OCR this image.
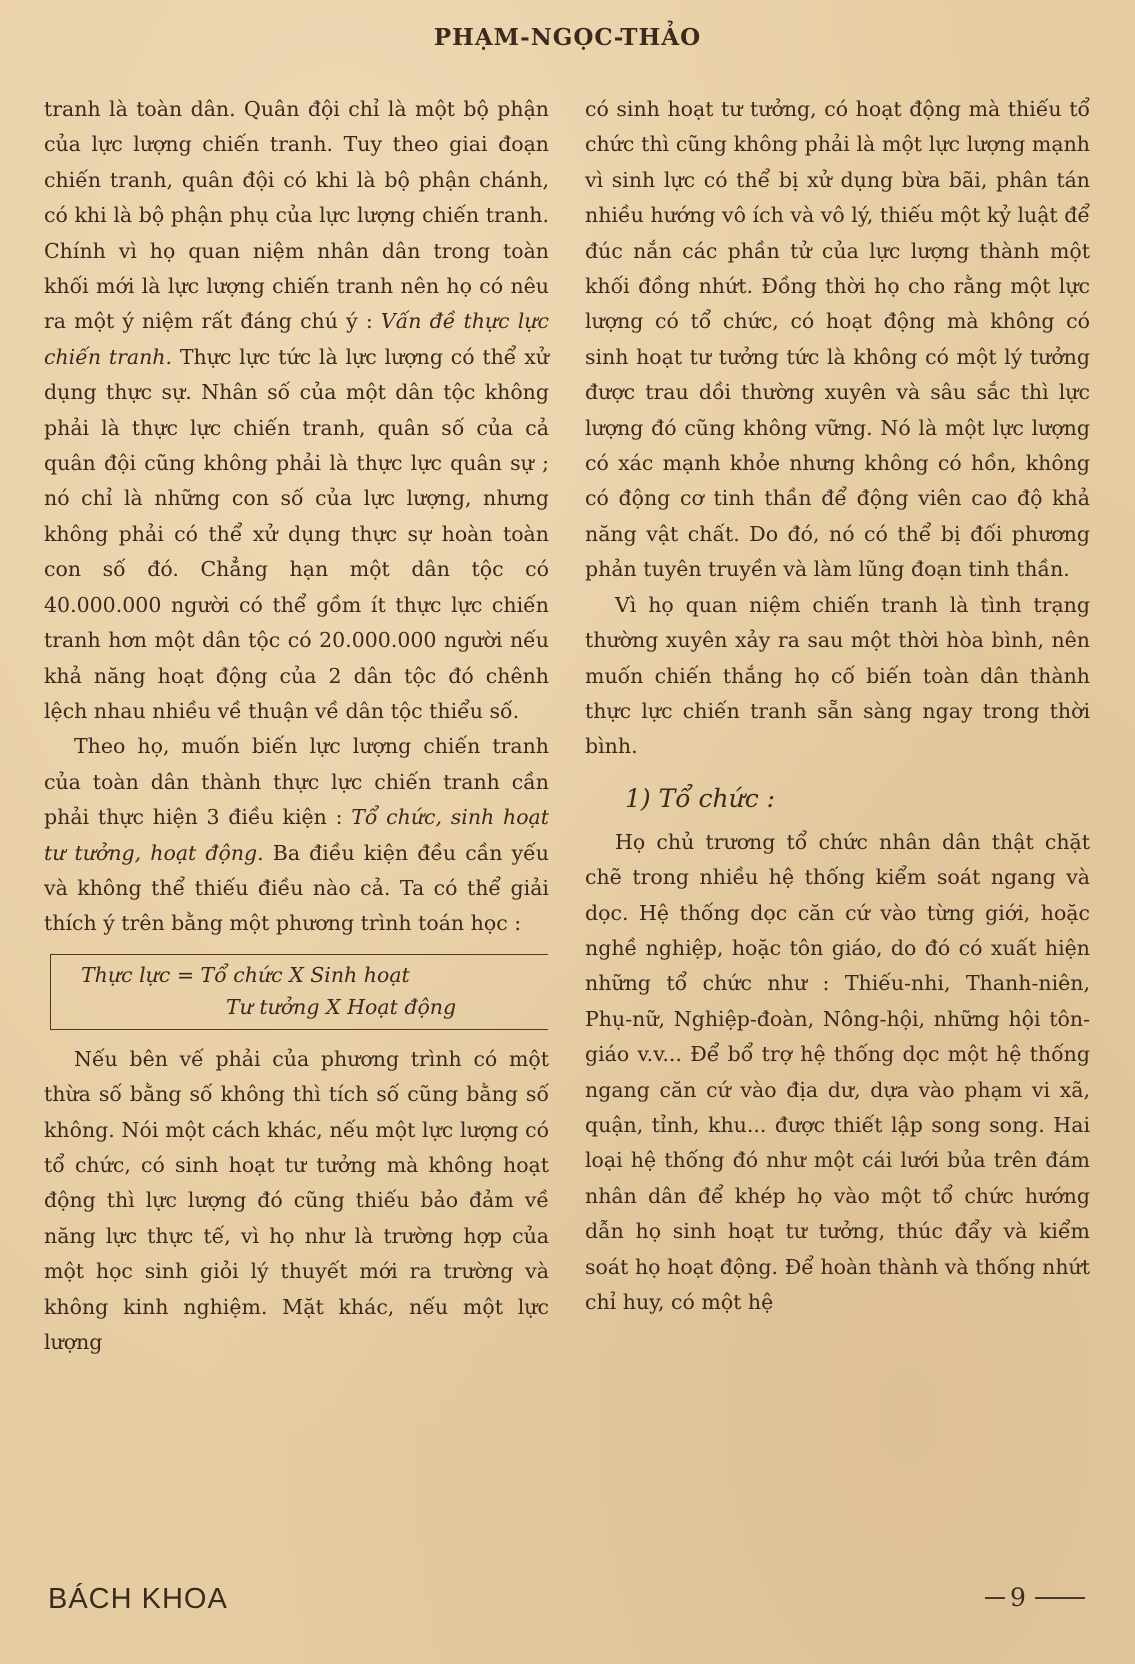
PHẠM-NGỌC-THẢO

tranh là toàn dân. Quân đội chỉ là một bộ phận của lực lượng chiến tranh. Tuy theo giai đoạn chiến tranh, quân đội có khi là bộ phận chánh, có khi là bộ phận phụ của lực lượng chiến tranh. Chính vì họ quan niệm nhân dân trong toàn khối mới là lực lượng chiến tranh nên họ có nêu ra một ý niệm rất đáng chú ý : Vấn đề thực lực chiến tranh. Thực lực tức là lực lượng có thể xử dụng thực sự. Nhân số của một dân tộc không phải là thực lực chiến tranh, quân số của cả quân đội cũng không phải là thực lực quân sự ; nó chỉ là những con số của lực lượng, nhưng không phải có thể xử dụng thực sự hoàn toàn con số đó. Chẳng hạn một dân tộc có 40.000.000 người có thể gồm ít thực lực chiến tranh hơn một dân tộc có 20.000.000 người nếu khả năng hoạt động của 2 dân tộc đó chênh lệch nhau nhiều về thuận về dân tộc thiểu số.

Theo họ, muốn biến lực lượng chiến tranh của toàn dân thành thực lực chiến tranh cần phải thực hiện 3 điều kiện : Tổ chức, sinh hoạt tư tưởng, hoạt động. Ba điều kiện đều cần yếu và không thể thiếu điều nào cả. Ta có thể giải thích ý trên bằng một phương trình toán học :

Thực lực = Tổ chức X Sinh hoạt
Tư tưởng X Hoạt động

Nếu bên vế phải của phương trình có một thừa số bằng số không thì tích số cũng bằng số không. Nói một cách khác, nếu một lực lượng có tổ chức, có sinh hoạt tư tưởng mà không hoạt động thì lực lượng đó cũng thiếu bảo đảm về năng lực thực tế, vì họ như là trường hợp của một học sinh giỏi lý thuyết mới ra trường và không kinh nghiệm. Mặt khác, nếu một lực lượng

có sinh hoạt tư tưởng, có hoạt động mà thiếu tổ chức thì cũng không phải là một lực lượng mạnh vì sinh lực có thể bị xử dụng bừa bãi, phân tán nhiều hướng vô ích và vô lý, thiếu một kỷ luật để đúc nắn các phần tử của lực lượng thành một khối đồng nhứt. Đồng thời họ cho rằng một lực lượng có tổ chức, có hoạt động mà không có sinh hoạt tư tưởng tức là không có một lý tưởng được trau dồi thường xuyên và sâu sắc thì lực lượng đó cũng không vững. Nó là một lực lượng có xác mạnh khỏe nhưng không có hồn, không có động cơ tinh thần để động viên cao độ khả năng vật chất. Do đó, nó có thể bị đối phương phản tuyên truyền và làm lũng đoạn tinh thần.

Vì họ quan niệm chiến tranh là tình trạng thường xuyên xảy ra sau một thời hòa bình, nên muốn chiến thắng họ cố biến toàn dân thành thực lực chiến tranh sẵn sàng ngay trong thời bình.

1) Tổ chức :

Họ chủ trương tổ chức nhân dân thật chặt chẽ trong nhiều hệ thống kiểm soát ngang và dọc. Hệ thống dọc căn cứ vào từng giới, hoặc nghề nghiệp, hoặc tôn giáo, do đó có xuất hiện những tổ chức như : Thiếu-nhi, Thanh-niên, Phụ-nữ, Nghiệp-đoàn, Nông-hội, những hội tôn-giáo v.v... Để bổ trợ hệ thống dọc một hệ thống ngang căn cứ vào địa dư, dựa vào phạm vi xã, quận, tỉnh, khu... được thiết lập song song. Hai loại hệ thống đó như một cái lưới bủa trên đám nhân dân để khép họ vào một tổ chức hướng dẫn họ sinh hoạt tư tưởng, thúc đẩy và kiểm soát họ hoạt động. Để hoàn thành và thống nhứt chỉ huy, có một hệ

BÁCH KHOA	9
